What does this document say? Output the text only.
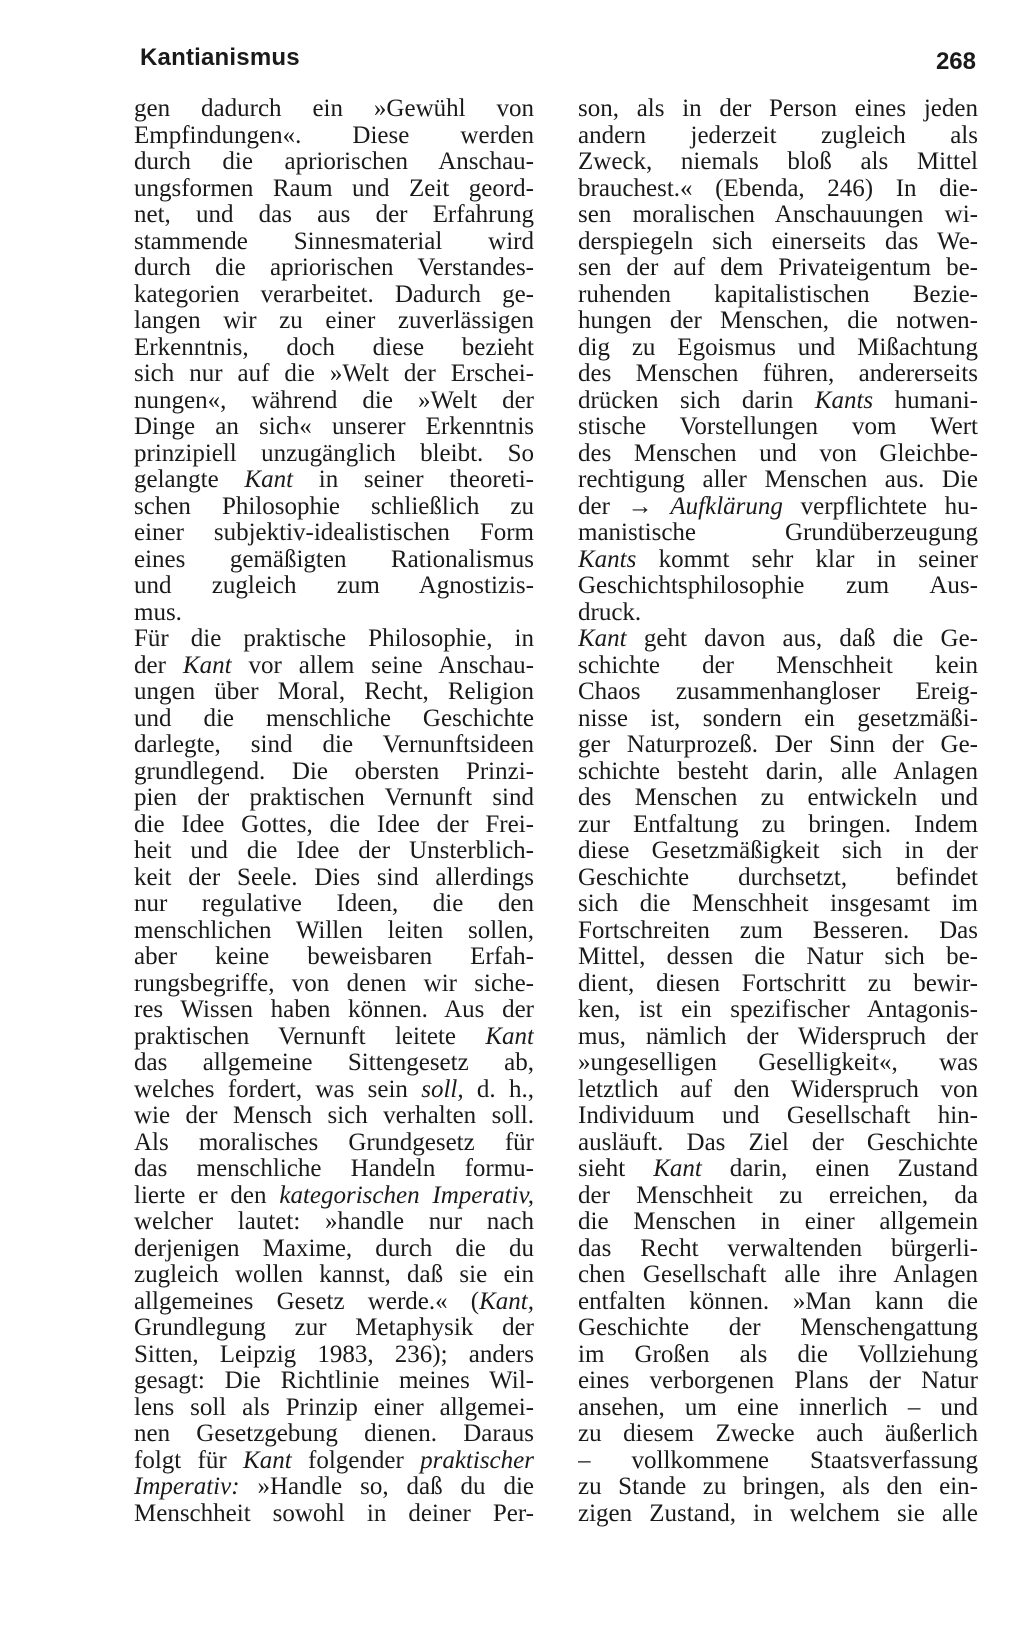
Kantianismus	268
gen dadurch ein »Gewühl von
Empfindungen«. Diese werden
durch die apriorischen Anschau-
ungsformen Raum und Zeit geord-
net, und das aus der Erfahrung
stammende Sinnesmaterial wird
durch die apriorischen Verstandes-
kategorien verarbeitet. Dadurch ge-
langen wir zu einer zuverlässigen
Erkenntnis, doch diese bezieht
sich nur auf die »Welt der Erschei-
nungen«, während die »Welt der
Dinge an sich« unserer Erkenntnis
prinzipiell unzugänglich bleibt. So
gelangte Kant in seiner theoreti-
schen Philosophie schließlich zu
einer subjektiv-idealistischen Form
eines gemäßigten Rationalismus
und zugleich zum Agnostizis-
mus.
Für die praktische Philosophie, in
der Kant vor allem seine Anschau-
ungen über Moral, Recht, Religion
und die menschliche Geschichte
darlegte, sind die Vernunftsideen
grundlegend. Die obersten Prinzi-
pien der praktischen Vernunft sind
die Idee Gottes, die Idee der Frei-
heit und die Idee der Unsterblich-
keit der Seele. Dies sind allerdings
nur regulative Ideen, die den
menschlichen Willen leiten sollen,
aber keine beweisbaren Erfah-
rungsbegriffe, von denen wir siche-
res Wissen haben können. Aus der
praktischen Vernunft leitete Kant
das allgemeine Sittengesetz ab,
welches fordert, was sein soll, d. h.,
wie der Mensch sich verhalten soll.
Als moralisches Grundgesetz für
das menschliche Handeln formu-
lierte er den kategorischen Imperativ,
welcher lautet: »handle nur nach
derjenigen Maxime, durch die du
zugleich wollen kannst, daß sie ein
allgemeines Gesetz werde.« (Kant,
Grundlegung zur Metaphysik der
Sitten, Leipzig 1983, 236); anders
gesagt: Die Richtlinie meines Wil-
lens soll als Prinzip einer allgemei-
nen Gesetzgebung dienen. Daraus
folgt für Kant folgender praktischer
Imperativ: »Handle so, daß du die
Menschheit sowohl in deiner Per-
son, als in der Person eines jeden
andern jederzeit zugleich als
Zweck, niemals bloß als Mittel
brauchest.« (Ebenda, 246) In die-
sen moralischen Anschauungen wi-
derspiegeln sich einerseits das We-
sen der auf dem Privateigentum be-
ruhenden kapitalistischen Bezie-
hungen der Menschen, die notwen-
dig zu Egoismus und Mißachtung
des Menschen führen, andererseits
drücken sich darin Kants humani-
stische Vorstellungen vom Wert
des Menschen und von Gleichbe-
rechtigung aller Menschen aus. Die
der → Aufklärung verpflichtete hu-
manistische Grundüberzeugung
Kants kommt sehr klar in seiner
Geschichtsphilosophie zum Aus-
druck.
Kant geht davon aus, daß die Ge-
schichte der Menschheit kein
Chaos zusammenhangloser Ereig-
nisse ist, sondern ein gesetzmäßi-
ger Naturprozeß. Der Sinn der Ge-
schichte besteht darin, alle Anlagen
des Menschen zu entwickeln und
zur Entfaltung zu bringen. Indem
diese Gesetzmäßigkeit sich in der
Geschichte durchsetzt, befindet
sich die Menschheit insgesamt im
Fortschreiten zum Besseren. Das
Mittel, dessen die Natur sich be-
dient, diesen Fortschritt zu bewir-
ken, ist ein spezifischer Antagonis-
mus, nämlich der Widerspruch der
»ungeselligen Geselligkeit«, was
letztlich auf den Widerspruch von
Individuum und Gesellschaft hin-
ausläuft. Das Ziel der Geschichte
sieht Kant darin, einen Zustand
der Menschheit zu erreichen, da
die Menschen in einer allgemein
das Recht verwaltenden bürgerli-
chen Gesellschaft alle ihre Anlagen
entfalten können. »Man kann die
Geschichte der Menschengattung
im Großen als die Vollziehung
eines verborgenen Plans der Natur
ansehen, um eine innerlich – und
zu diesem Zwecke auch äußerlich
– vollkommene Staatsverfassung
zu Stande zu bringen, als den ein-
zigen Zustand, in welchem sie alle
